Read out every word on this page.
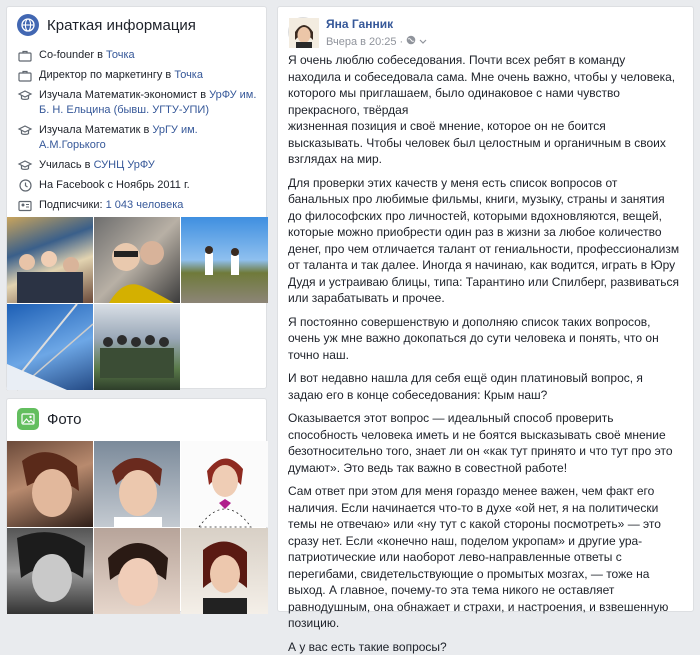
Краткая информация
Co-founder в Точка
Директор по маркетингу в Точка
Изучала Математик-экономист в УрФУ им. Б. Н. Ельцина (бывш. УГТУ-УПИ)
Изучала Математик в УрГУ им. А.М.Горького
Училась в СУНЦ УрФУ
На Facebook с Ноябрь 2011 г.
Подписчики: 1 043 человека
Фото
Яна Ганник
Вчера в 20:25 ·

Я очень люблю собеседования. Почти всех ребят в команду находила и собеседовала сама. Мне очень важно, чтобы у человека, которого мы приглашаем, было одинаковое с нами чувство прекрасного, твёрдая

жизненная позиция и своё мнение, которое он не боится высказывать. Чтобы человек был целостным и органичным в своих взглядах на мир.

Для проверки этих качеств у меня есть список вопросов от банальных про любимые фильмы, книги, музыку, страны и занятия до философских про личностей, которыми вдохновляются, вещей, которые можно приобрести один раз в жизни за любое количество денег, про чем отличается талант от гениальности, профессионализм от таланта и так далее. Иногда я начинаю, как водится, играть в Юру Дудя и устраиваю блицы, типа: Тарантино или Спилберг, развиваться или зарабатывать и прочее.

Я постоянно совершенствую и дополняю список таких вопросов, очень уж мне важно докопаться до сути человека и понять, что он точно наш.

И вот недавно нашла для себя ещё один платиновый вопрос, я задаю его в конце собеседования: Крым наш?

Оказывается этот вопрос — идеальный способ проверить способность человека иметь и не боятся высказывать своё мнение безотносительно того, знает ли он «как тут принято и что тут про это думают». Это ведь так важно в совестной работе!

Сам ответ при этом для меня гораздо менее важен, чем факт его наличия. Если начинается что-то в духе «ой нет, я на политически темы не отвечаю» или «ну тут с какой стороны посмотреть» — это сразу нет. Если «конечно наш, поделом укропам» и другие ура-патриотические или наоборот лево-направленные ответы с перегибами, свидетельствующие о промытых мозгах, — тоже на выход. А главное, почему-то эта тема никого не оставляет равнодушным, она обнажает и страхи, и настроения, и взвешенную позицию.

А у вас есть такие вопросы?
